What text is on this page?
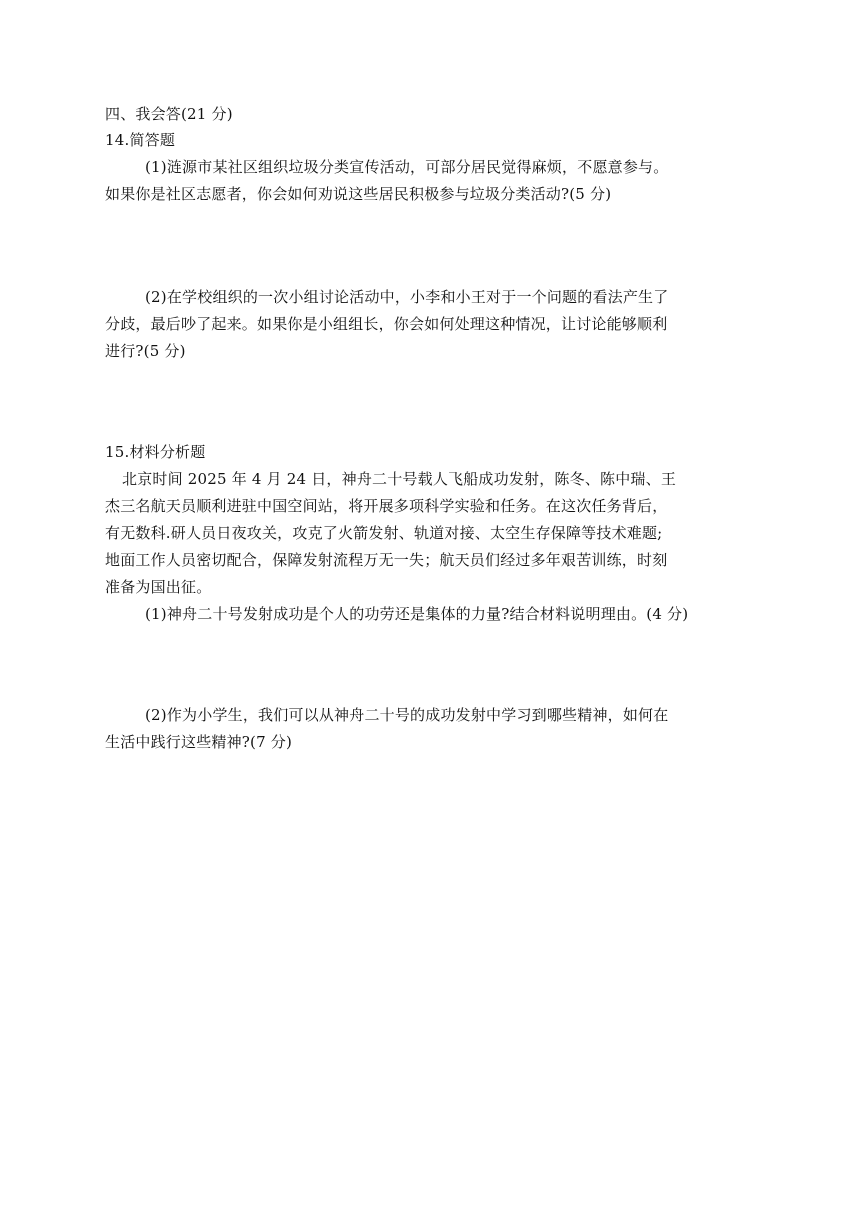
四、我会答(21 分)
14.简答题
(1)涟源市某社区组织垃圾分类宣传活动，可部分居民觉得麻烦，不愿意参与。
如果你是社区志愿者，你会如何劝说这些居民积极参与垃圾分类活动?(5 分)
(2)在学校组织的一次小组讨论活动中，小李和小王对于一个问题的看法产生了
分歧，最后吵了起来。如果你是小组组长，你会如何处理这种情况，让讨论能够顺利
进行?(5 分)
15.材料分析题
北京时间 2025 年 4 月 24 日，神舟二十号载人飞船成功发射，陈冬、陈中瑞、王
杰三名航天员顺利进驻中国空间站，将开展多项科学实验和任务。在这次任务背后，
有无数科.研人员日夜攻关，攻克了火箭发射、轨道对接、太空生存保障等技术难题;
地面工作人员密切配合，保障发射流程万无一失；航天员们经过多年艰苦训练，时刻
准备为国出征。
(1)神舟二十号发射成功是个人的功劳还是集体的力量?结合材料说明理由。(4 分)
(2)作为小学生，我们可以从神舟二十号的成功发射中学习到哪些精神，如何在
生活中践行这些精神?(7 分)
